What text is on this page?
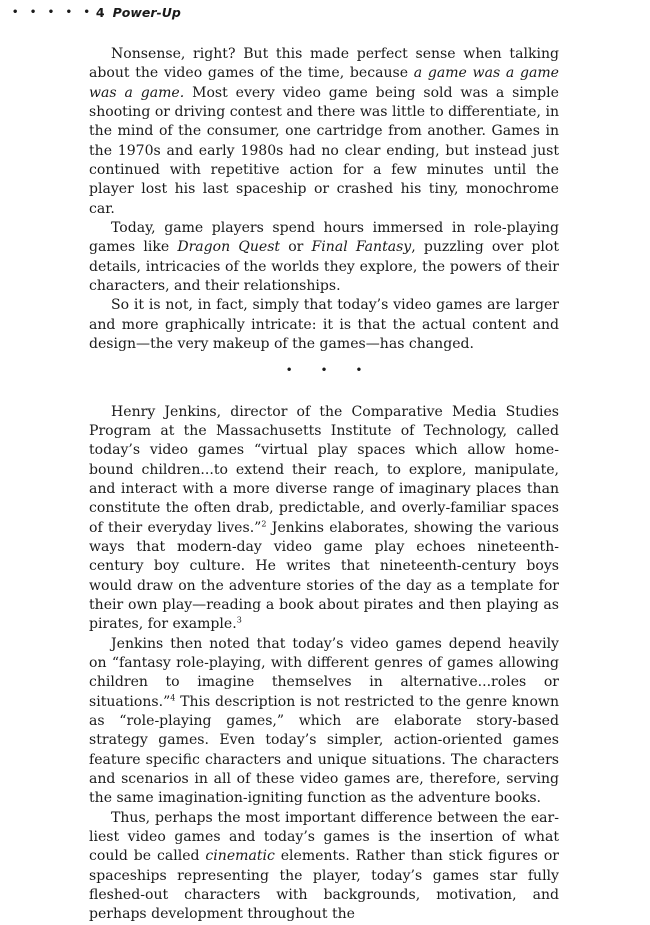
• • • • • 4 Power-Up

Nonsense, right? But this made perfect sense when talking about the video games of the time, because a game was a game was a game. Most every video game being sold was a simple shooting or driving contest and there was little to differentiate, in the mind of the consumer, one cartridge from another. Games in the 1970s and early 1980s had no clear ending, but instead just continued with repetitive action for a few minutes until the player lost his last spaceship or crashed his tiny, monochrome car.

Today, game players spend hours immersed in role-playing games like Dragon Quest or Final Fantasy, puzzling over plot details, intricacies of the worlds they explore, the powers of their characters, and their relationships.

So it is not, in fact, simply that today’s video games are larger and more graphically intricate: it is that the actual content and design—the very makeup of the games—has changed.

• • •

Henry Jenkins, director of the Comparative Media Studies Program at the Massachusetts Institute of Technology, called today’s video games “virtual play spaces which allow home-bound children...to extend their reach, to explore, manipulate, and interact with a more diverse range of imaginary places than constitute the often drab, predictable, and overly-familiar spaces of their everyday lives.”$^2$ Jenkins elaborates, showing the various ways that modern-day video game play echoes nineteenth-century boy culture. He writes that nineteenth-century boys would draw on the adventure stories of the day as a template for their own play—reading a book about pirates and then playing as pirates, for example.$^3$

Jenkins then noted that today’s video games depend heavily on “fantasy role-playing, with different genres of games allowing children to imagine themselves in alternative...roles or situations.”$^4$ This description is not restricted to the genre known as “role-playing games,” which are elaborate story-based strategy games. Even today’s simpler, action-oriented games feature specific characters and unique situations. The characters and scenarios in all of these video games are, therefore, serving the same imagination-igniting function as the adventure books.

Thus, perhaps the most important difference between the earliest video games and today’s games is the insertion of what could be called cinematic elements. Rather than stick figures or spaceships representing the player, today’s games star fully fleshed-out characters with backgrounds, motivation, and perhaps development throughout the
